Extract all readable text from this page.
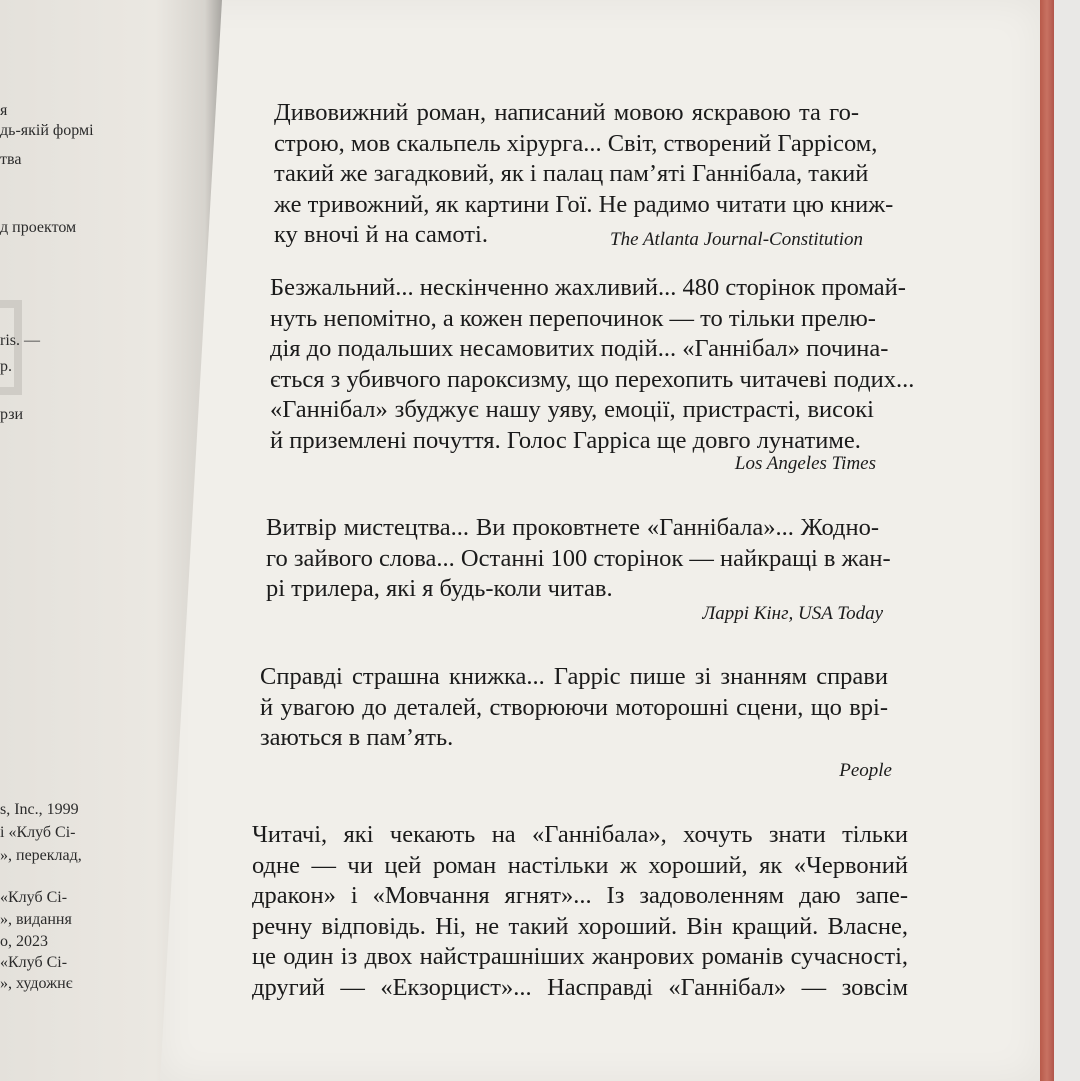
я
дь-якій формі
тва
д проектом
ris. —
р.
рзи
s, Inc., 1999
і «Клуб Сі-
», переклад,
«Клуб Сі-
», видання
о, 2023
«Клуб Сі-
», художнє

Дивовижний роман, написаний мовою яскравою та го-
строю, мов скальпель хірурга... Світ, створений Гаррісом,
такий же загадковий, як і палац пам’яті Ганнібала, такий
же тривожний, як картини Гої. Не радимо читати цю книж-
ку вночі й на самоті.	The Atlanta Journal-Constitution
Безжальний... нескінченно жахливий... 480 сторінок промай-
нуть непомітно, а кожен перепочинок — то тільки прелю-
дія до подальших несамовитих подій... «Ганнібал» почина-
ється з убивчого пароксизму, що перехопить читачеві подих...
«Ганнібал» збуджує нашу уяву, емоції, пристрасті, високі
й приземлені почуття. Голос Гарріса ще довго лунатиме.
Los Angeles Times
Витвір мистецтва... Ви проковтнете «Ганнібала»... Жодно-
го зайвого слова... Останні 100 сторінок — найкращі в жан-
рі трилера, які я будь-коли читав.
Ларрі Кінг, USA Today
Справді страшна книжка... Гарріс пише зі знанням справи
й увагою до деталей, створюючи моторошні сцени, що врі-
заються в пам’ять.
People
Читачі, які чекають на «Ганнібала», хочуть знати тільки
одне — чи цей роман настільки ж хороший, як «Червоний
дракон» і «Мовчання ягнят»... Із задоволенням даю запе-
речну відповідь. Ні, не такий хороший. Він кращий. Власне,
це один із двох найстрашніших жанрових романів сучасності,
другий — «Екзорцист»... Насправді «Ганнібал» — зовсім
